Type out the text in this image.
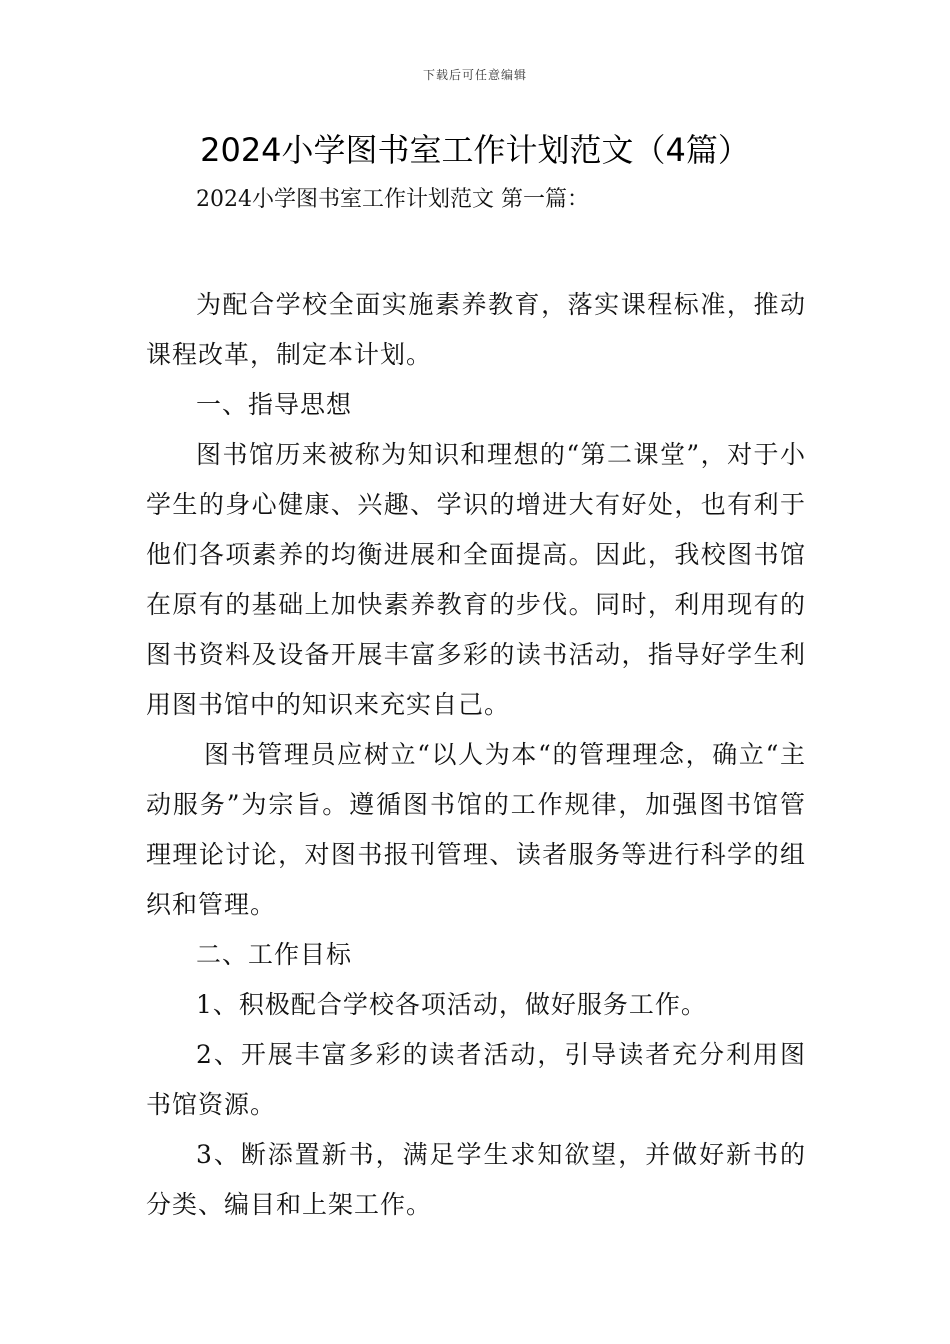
下载后可任意编辑
2024小学图书室工作计划范文（4篇）
2024小学图书室工作计划范文 第一篇：

为配合学校全面实施素养教育，落实课程标准，推动课程改革，制定本计划。

一、指导思想

图书馆历来被称为知识和理想的“第二课堂”，对于小学生的身心健康、兴趣、学识的增进大有好处，也有利于他们各项素养的均衡进展和全面提高。因此，我校图书馆在原有的基础上加快素养教育的步伐。同时，利用现有的图书资料及设备开展丰富多彩的读书活动，指导好学生利用图书馆中的知识来充实自己。

图书管理员应树立“以人为本“的管理理念，确立“主动服务”为宗旨。遵循图书馆的工作规律，加强图书馆管理理论讨论，对图书报刊管理、读者服务等进行科学的组织和管理。

二、工作目标

1、积极配合学校各项活动，做好服务工作。

2、开展丰富多彩的读者活动，引导读者充分利用图书馆资源。

3、断添置新书，满足学生求知欲望，并做好新书的分类、编目和上架工作。
